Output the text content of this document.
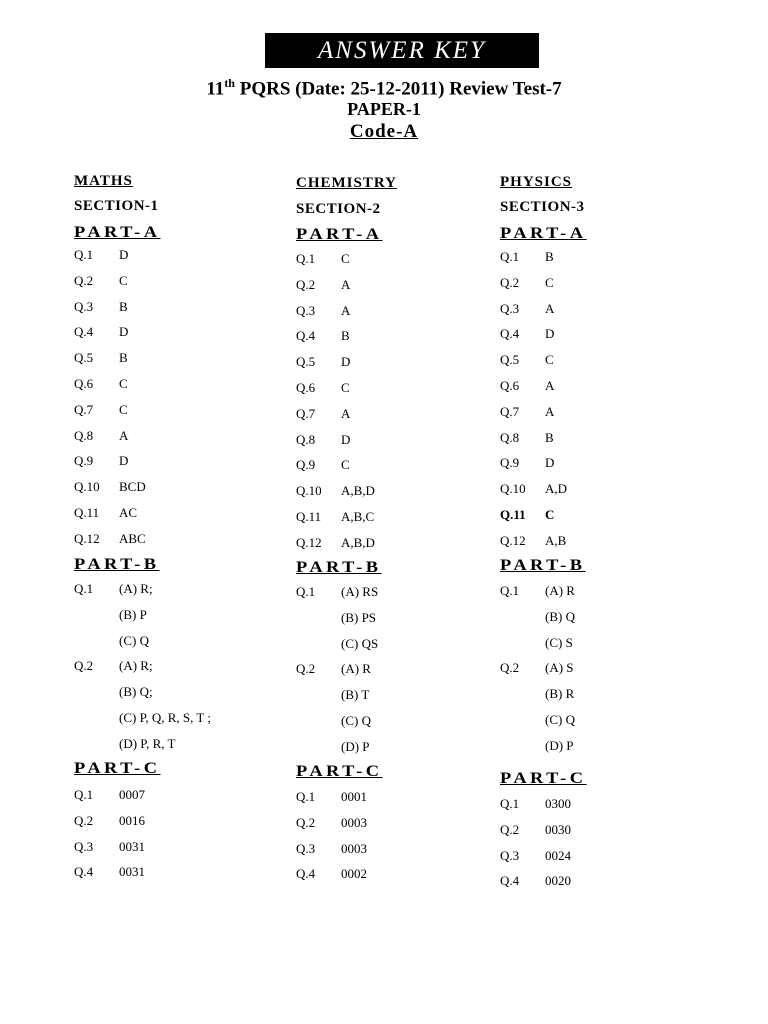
ANSWER KEY
11th PQRS (Date: 25-12-2011) Review Test-7
PAPER-1
Code-A
MATHS
SECTION-1
PART-A
Q.1 D
Q.2 C
Q.3 B
Q.4 D
Q.5 B
Q.6 C
Q.7 C
Q.8 A
Q.9 D
Q.10 BCD
Q.11 AC
Q.12 ABC
PART-B
Q.1 (A) R;
(B) P
(C) Q
Q.2 (A) R;
(B) Q;
(C) P, Q, R, S, T ;
(D) P, R, T
PART-C
Q.1 0007
Q.2 0016
Q.3 0031
Q.4 0031
CHEMISTRY
SECTION-2
PART-A
Q.1 C
Q.2 A
Q.3 A
Q.4 B
Q.5 D
Q.6 C
Q.7 A
Q.8 D
Q.9 C
Q.10 A,B,D
Q.11 A,B,C
Q.12 A,B,D
PART-B
Q.1 (A) RS
(B) PS
(C) QS
Q.2 (A) R
(B) T
(C) Q
(D) P
PART-C
Q.1 0001
Q.2 0003
Q.3 0003
Q.4 0002
PHYSICS
SECTION-3
PART-A
Q.1 B
Q.2 C
Q.3 A
Q.4 D
Q.5 C
Q.6 A
Q.7 A
Q.8 B
Q.9 D
Q.10 A,D
Q.11 C
Q.12 A,B
PART-B
Q.1 (A) R
(B) Q
(C) S
Q.2 (A) S
(B) R
(C) Q
(D) P
PART-C
Q.1 0300
Q.2 0030
Q.3 0024
Q.4 0020
